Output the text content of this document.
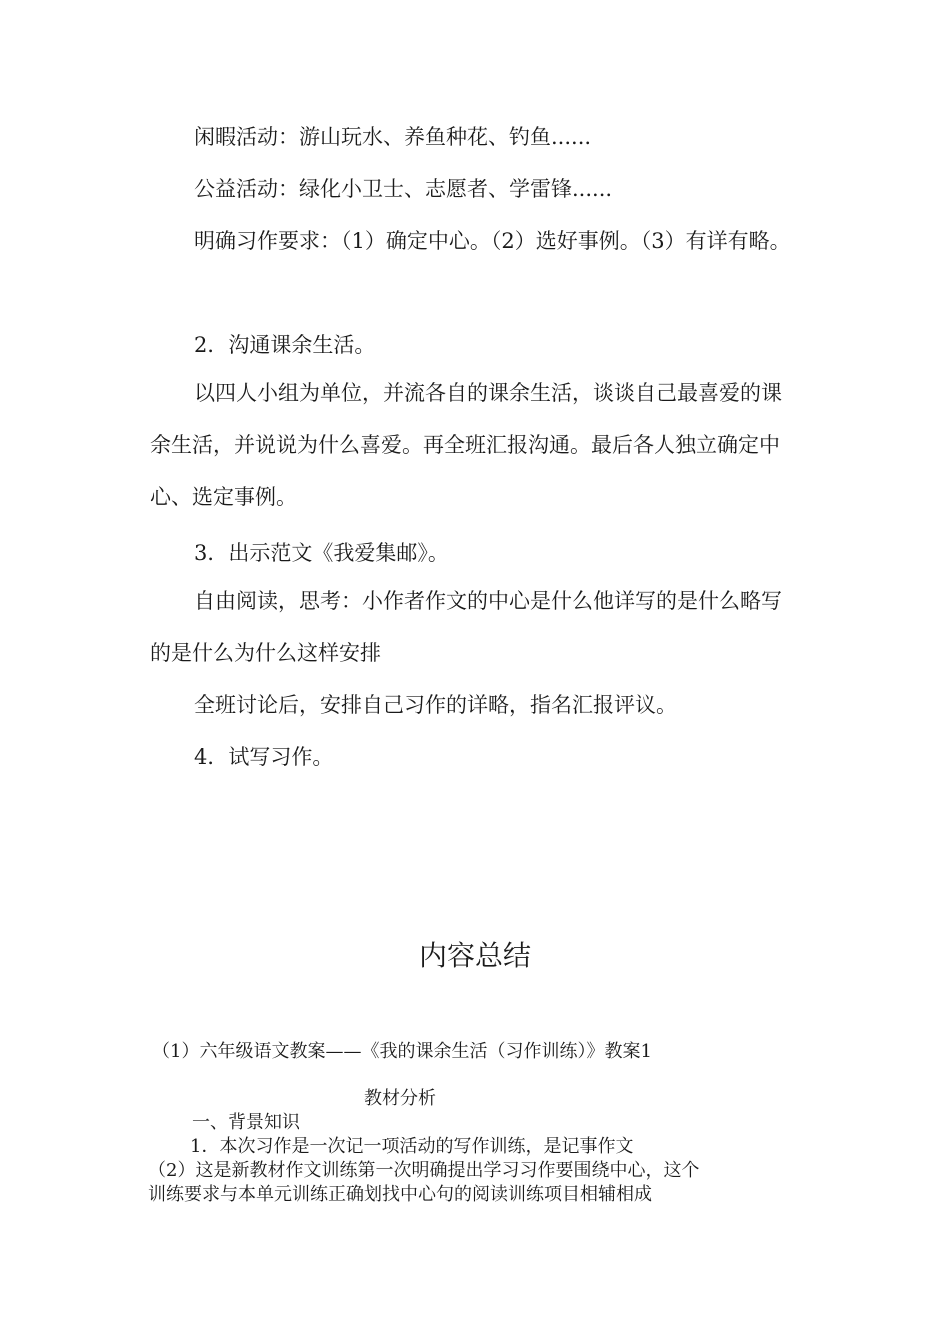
闲暇活动：游山玩水、养鱼种花、钓鱼......

公益活动：绿化小卫士、志愿者、学雷锋......

明确习作要求：（1）确定中心。（2）选好事例。（3）有详有略。

2．沟通课余生活。

以四人小组为单位，并流各自的课余生活，谈谈自己最喜爱的课余生活，并说说为什么喜爱。再全班汇报沟通。最后各人独立确定中心、选定事例。

3．出示范文《我爱集邮》。

自由阅读，思考：小作者作文的中心是什么他详写的是什么略写的是什么为什么这样安排

全班讨论后，安排自己习作的详略，指名汇报评议。

4．试写习作。

内容总结

（1）六年级语文教案——《我的课余生活（习作训练）》教案1

教材分析

一、背景知识

1．本次习作是一次记一项活动的写作训练，是记事作文

（2）这是新教材作文训练第一次明确提出学习习作要围绕中心，这个

训练要求与本单元训练正确划找中心句的阅读训练项目相辅相成
